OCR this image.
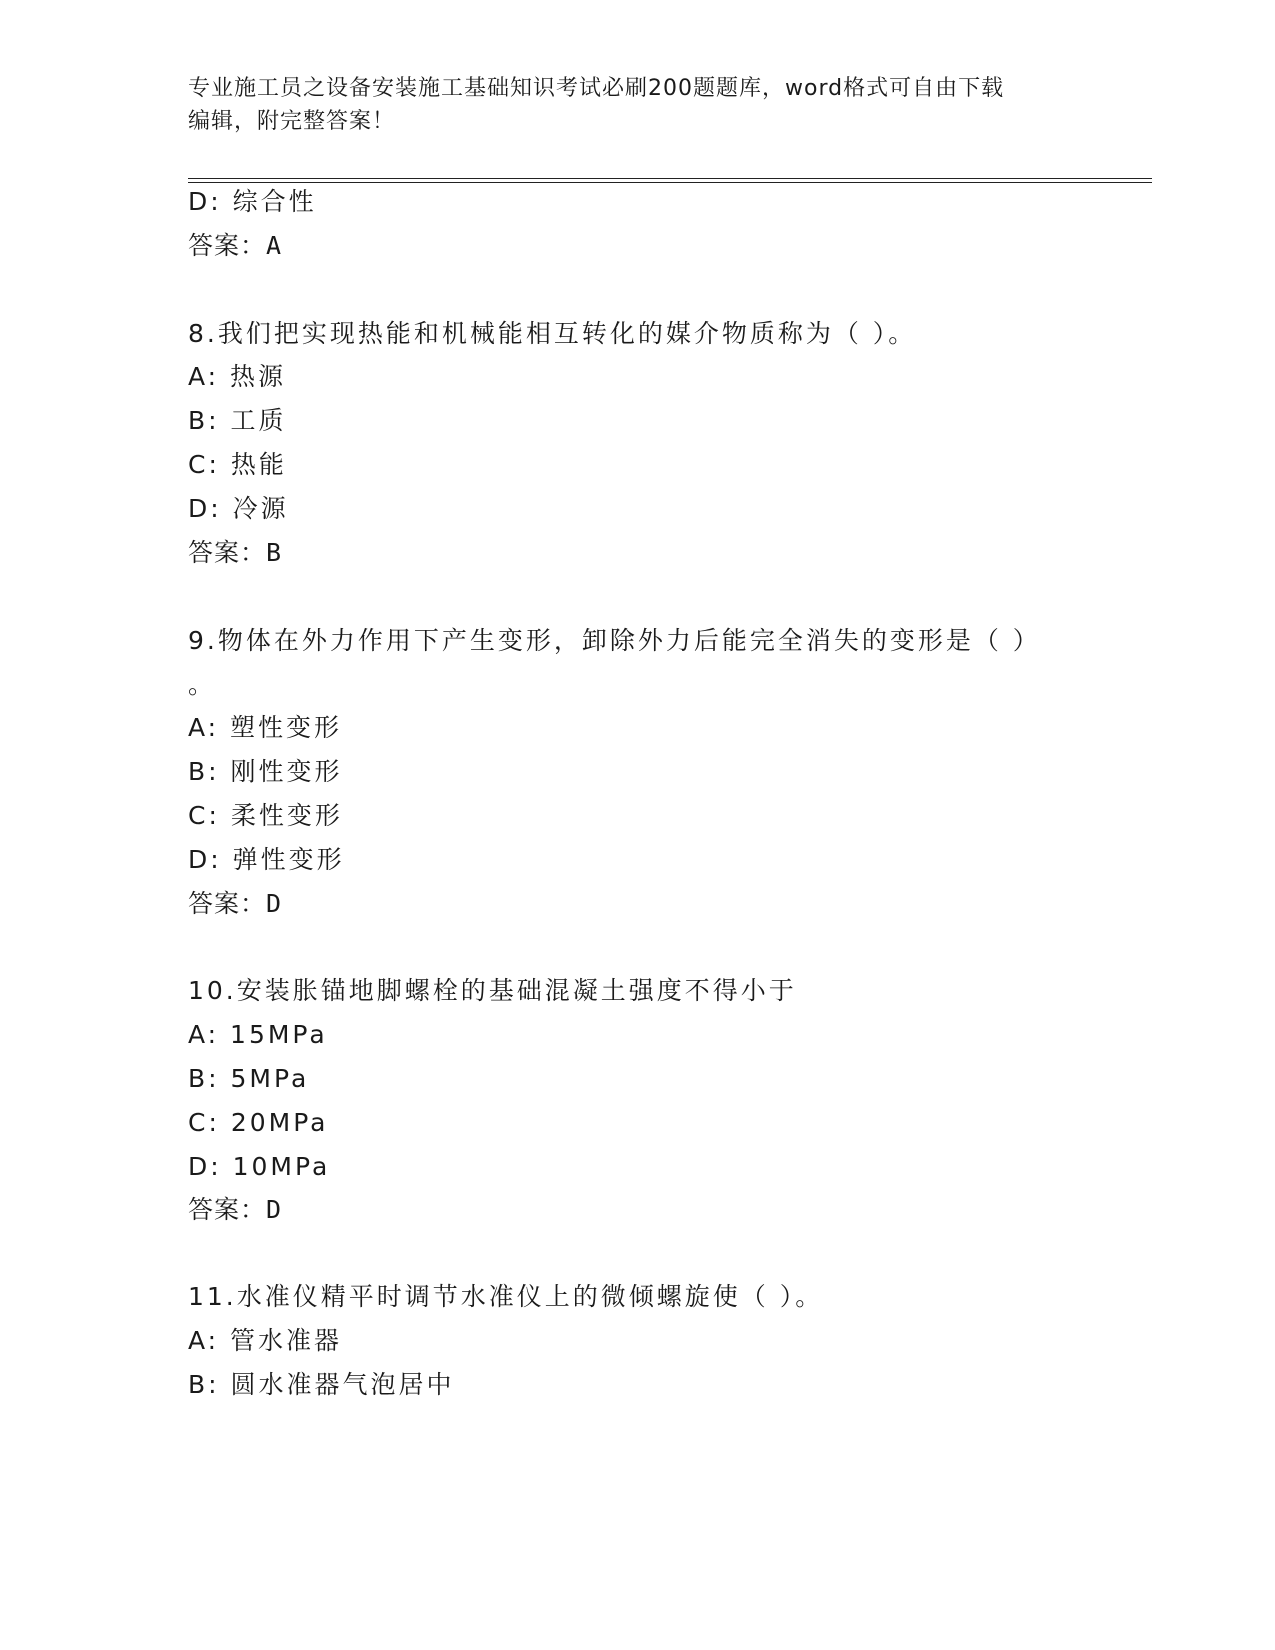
专业施工员之设备安装施工基础知识考试必刷200题题库，word格式可自由下载
编辑，附完整答案！
D: 综合性
答案：A
8.我们把实现热能和机械能相互转化的媒介物质称为（ ）。
A: 热源
B: 工质
C: 热能
D: 冷源
答案：B
9.物体在外力作用下产生变形，卸除外力后能完全消失的变形是（ ）
。
A: 塑性变形
B: 刚性变形
C: 柔性变形
D: 弹性变形
答案：D
10.安装胀锚地脚螺栓的基础混凝土强度不得小于
A: 15MPa
B: 5MPa
C: 20MPa
D: 10MPa
答案：D
11.水准仪精平时调节水准仪上的微倾螺旋使（ ）。
A: 管水准器
B: 圆水准器气泡居中
